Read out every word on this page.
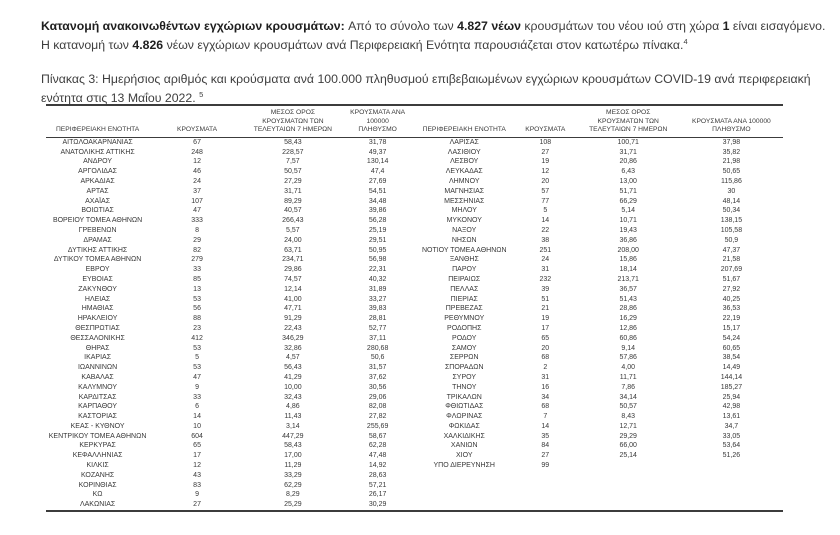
Κατανομή ανακοινωθέντων εγχώριων κρουσμάτων: Από το σύνολο των 4.827 νέων κρουσμάτων του νέου ιού στη χώρα 1 είναι εισαγόμενο. Η κατανομή των 4.826 νέων εγχώριων κρουσμάτων ανά Περιφερειακή Ενότητα παρουσιάζεται στον κατωτέρω πίνακα.$^4$

Πίνακας 3: Ημερήσιος αριθμός και κρούσματα ανά 100.000 πληθυσμού επιβεβαιωμένων εγχώριων κρουσμάτων COVID-19 ανά περιφερειακή ενότητα στις 13 Μαΐου 2022. $^5$

ΠΕΡΙΦΕΡΕΙΑΚΗ ΕΝΟΤΗΤΑ	ΚΡΟΥΣΜΑΤΑ	ΜΕΣΟΣ ΟΡΟΣ
ΚΡΟΥΣΜΑΤΩΝ ΤΩΝ
ΤΕΛΕΥΤΑΙΩΝ 7 ΗΜΕΡΩΝ	ΚΡΟΥΣΜΑΤΑ ΑΝΑ 100000
ΠΛΗΘΥΣΜΟ

ΑΙΤΩΛΟΑΚΑΡΝΑΝΙΑΣ	67	58,43	31,78
ΑΝΑΤΟΛΙΚΗΣ ΑΤΤΙΚΗΣ	248	228,57	49,37
ΑΝΔΡΟΥ	12	7,57	130,14
ΑΡΓΟΛΙΔΑΣ	46	50,57	47,4
ΑΡΚΑΔΙΑΣ	24	27,29	27,69
ΑΡΤΑΣ	37	31,71	54,51
ΑΧΑΪΑΣ	107	89,29	34,48
ΒΟΙΩΤΙΑΣ	47	40,57	39,86
ΒΟΡΕΙΟΥ ΤΟΜΕΑ ΑΘΗΝΩΝ	333	266,43	56,28
ΓΡΕΒΕΝΩΝ	8	5,57	25,19
ΔΡΑΜΑΣ	29	24,00	29,51
ΔΥΤΙΚΗΣ ΑΤΤΙΚΗΣ	82	63,71	50,95
ΔΥΤΙΚΟΥ ΤΟΜΕΑ ΑΘΗΝΩΝ	279	234,71	56,98
ΕΒΡΟΥ	33	29,86	22,31
ΕΥΒΟΙΑΣ	85	74,57	40,32
ΖΑΚΥΝΘΟΥ	13	12,14	31,89
ΗΛΕΙΑΣ	53	41,00	33,27
ΗΜΑΘΙΑΣ	56	47,71	39,83
ΗΡΑΚΛΕΙΟΥ	88	91,29	28,81
ΘΕΣΠΡΩΤΙΑΣ	23	22,43	52,77
ΘΕΣΣΑΛΟΝΙΚΗΣ	412	346,29	37,11
ΘΗΡΑΣ	53	32,86	280,68
ΙΚΑΡΙΑΣ	5	4,57	50,6
ΙΩΑΝΝΙΝΩΝ	53	56,43	31,57
ΚΑΒΑΛΑΣ	47	41,29	37,62
ΚΑΛΥΜΝΟΥ	9	10,00	30,56
ΚΑΡΔΙΤΣΑΣ	33	32,43	29,06
ΚΑΡΠΑΘΟΥ	6	4,86	82,08
ΚΑΣΤΟΡΙΑΣ	14	11,43	27,82
ΚΕΑΣ - ΚΥΘΝΟΥ	10	3,14	255,69
ΚΕΝΤΡΙΚΟΥ ΤΟΜΕΑ ΑΘΗΝΩΝ	604	447,29	58,67
ΚΕΡΚΥΡΑΣ	65	58,43	62,28
ΚΕΦΑΛΛΗΝΙΑΣ	17	17,00	47,48
ΚΙΛΚΙΣ	12	11,29	14,92
ΚΟΖΑΝΗΣ	43	33,29	28,63
ΚΟΡΙΝΘΙΑΣ	83	62,29	57,21
ΚΩ	9	8,29	26,17
ΛΑΚΩΝΙΑΣ	27	25,29	30,29
ΠΕΡΙΦΕΡΕΙΑΚΗ ΕΝΟΤΗΤΑ	ΚΡΟΥΣΜΑΤΑ	ΜΕΣΟΣ ΟΡΟΣ
ΚΡΟΥΣΜΑΤΩΝ ΤΩΝ
ΤΕΛΕΥΤΑΙΩΝ 7 ΗΜΕΡΩΝ	ΚΡΟΥΣΜΑΤΑ ΑΝΑ 100000
ΠΛΗΘΥΣΜΟ

ΛΑΡΙΣΑΣ	108	100,71	37,98
ΛΑΣΙΘΙΟΥ	27	31,71	35,82
ΛΕΣΒΟΥ	19	20,86	21,98
ΛΕΥΚΑΔΑΣ	12	6,43	50,65
ΛΗΜΝΟΥ	20	13,00	115,86
ΜΑΓΝΗΣΙΑΣ	57	51,71	30
ΜΕΣΣΗΝΙΑΣ	77	66,29	48,14
ΜΗΛΟΥ	5	5,14	50,34
ΜΥΚΟΝΟΥ	14	10,71	138,15
ΝΑΞΟΥ	22	19,43	105,58
ΝΗΣΩΝ	38	36,86	50,9
ΝΟΤΙΟΥ ΤΟΜΕΑ ΑΘΗΝΩΝ	251	208,00	47,37
ΞΑΝΘΗΣ	24	15,86	21,58
ΠΑΡΟΥ	31	18,14	207,69
ΠΕΙΡΑΙΩΣ	232	213,71	51,67
ΠΕΛΛΑΣ	39	36,57	27,92
ΠΙΕΡΙΑΣ	51	51,43	40,25
ΠΡΕΒΕΖΑΣ	21	28,86	36,53
ΡΕΘΥΜΝΟΥ	19	16,29	22,19
ΡΟΔΟΠΗΣ	17	12,86	15,17
ΡΟΔΟΥ	65	60,86	54,24
ΣΑΜΟΥ	20	9,14	60,65
ΣΕΡΡΩΝ	68	57,86	38,54
ΣΠΟΡΑΔΩΝ	2	4,00	14,49
ΣΥΡΟΥ	31	11,71	144,14
ΤΗΝΟΥ	16	7,86	185,27
ΤΡΙΚΑΛΩΝ	34	34,14	25,94
ΦΘΙΩΤΙΔΑΣ	68	50,57	42,98
ΦΛΩΡΙΝΑΣ	7	8,43	13,61
ΦΩΚΙΔΑΣ	14	12,71	34,7
ΧΑΛΚΙΔΙΚΗΣ	35	29,29	33,05
ΧΑΝΙΩΝ	84	66,00	53,64
ΧΙΟΥ	27	25,14	51,26
ΥΠΟ ΔΙΕΡΕΥΝΗΣΗ	99		
